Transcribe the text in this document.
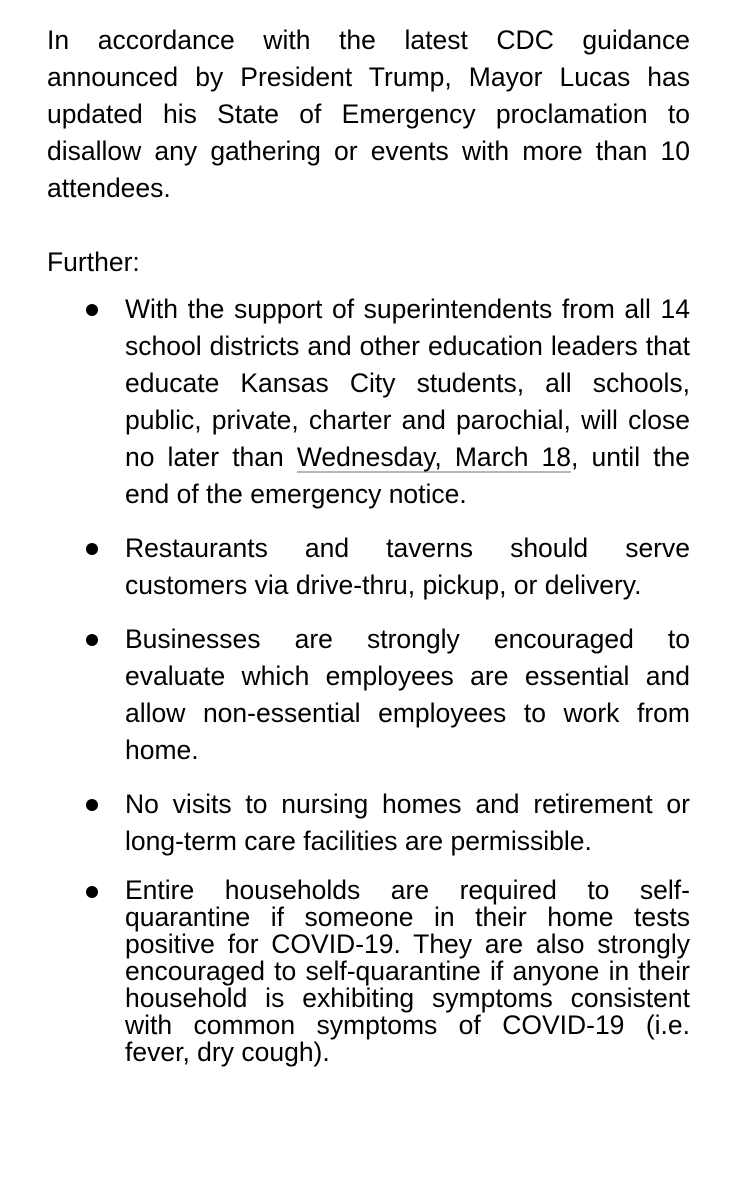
In accordance with the latest CDC guidance announced by President Trump, Mayor Lucas has updated his State of Emergency proclamation to disallow any gathering or events with more than 10 attendees.

Further:

With the support of superintendents from all 14 school districts and other education leaders that educate Kansas City students, all schools, public, private, charter and parochial, will close no later than Wednesday, March 18, until the end of the emergency notice.
Restaurants and taverns should serve customers via drive-thru, pickup, or delivery.
Businesses are strongly encouraged to evaluate which employees are essential and allow non-essential employees to work from home.
No visits to nursing homes and retirement or long-term care facilities are permissible.
Entire households are required to self-quarantine if someone in their home tests positive for COVID-19. They are also strongly encouraged to self-quarantine if anyone in their household is exhibiting symptoms consistent with common symptoms of COVID-19 (i.e. fever, dry cough).
